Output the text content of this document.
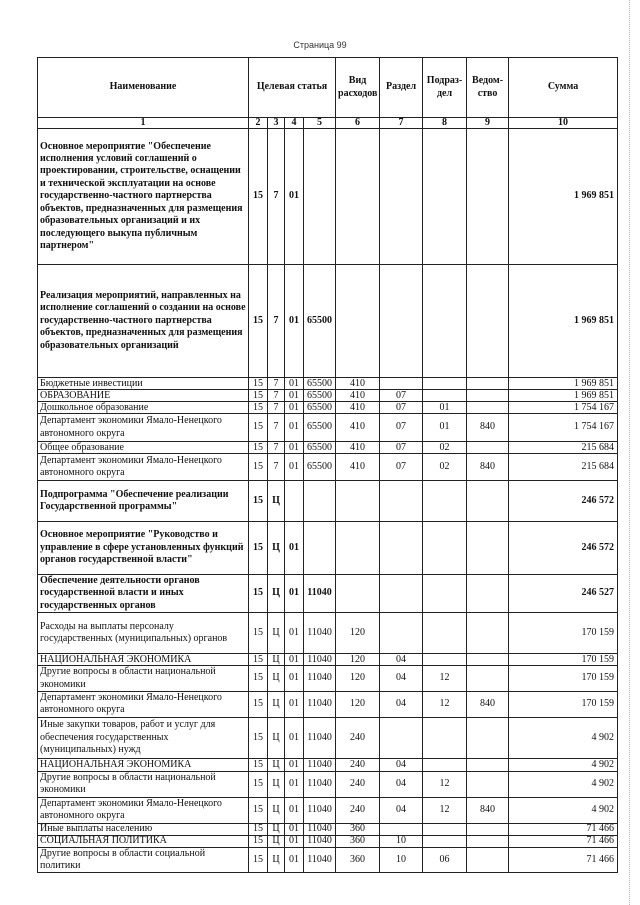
Страница 99
Наименование	Целевая статья				Вид расходов	Раздел	Подраз- дел	Ведом- ство	Сумма
1	2	3	4	5	6	7	8	9	10
Основное мероприятие "Обеспечение исполнения условий соглашений о проектировании, строительстве, оснащении и технической эксплуатации на основе государственно-частного партнерства объектов, предназначенных для размещения образовательных организаций и их последующего выкупа публичным партнером"	15	7	01						1 969 851
Реализация мероприятий, направленных на исполнение соглашений о создании на основе государственно-частного партнерства объектов, предназначенных для размещения образовательных организаций	15	7	01	65500					1 969 851
Бюджетные инвестиции	15	7	01	65500	410				1 969 851
ОБРАЗОВАНИЕ	15	7	01	65500	410	07			1 969 851
Дошкольное образование	15	7	01	65500	410	07	01		1 754 167
Департамент экономики Ямало-Ненецкого автономного округа	15	7	01	65500	410	07	01	840	1 754 167
Общее образование	15	7	01	65500	410	07	02		215 684
Департамент экономики Ямало-Ненецкого автономного округа	15	7	01	65500	410	07	02	840	215 684
Подпрограмма "Обеспечение реализации Государственной программы"	15	Ц							246 572
Основное мероприятие "Руководство и управление в сфере установленных функций органов государственной власти"	15	Ц	01						246 572
Обеспечение деятельности органов государственной власти и иных государственных органов	15	Ц	01	11040					246 527
Расходы на выплаты персоналу государственных (муниципальных) органов	15	Ц	01	11040	120				170 159
НАЦИОНАЛЬНАЯ ЭКОНОМИКА	15	Ц	01	11040	120	04			170 159
Другие вопросы в области национальной экономики	15	Ц	01	11040	120	04	12		170 159
Департамент экономики Ямало-Ненецкого автономного округа	15	Ц	01	11040	120	04	12	840	170 159
Иные закупки товаров, работ и услуг для обеспечения государственных (муниципальных) нужд	15	Ц	01	11040	240				4 902
НАЦИОНАЛЬНАЯ ЭКОНОМИКА	15	Ц	01	11040	240	04			4 902
Другие вопросы в области национальной экономики	15	Ц	01	11040	240	04	12		4 902
Департамент экономики Ямало-Ненецкого автономного округа	15	Ц	01	11040	240	04	12	840	4 902
Иные выплаты населению	15	Ц	01	11040	360				71 466
СОЦИАЛЬНАЯ ПОЛИТИКА	15	Ц	01	11040	360	10			71 466
Другие вопросы в области социальной политики	15	Ц	01	11040	360	10	06		71 466
